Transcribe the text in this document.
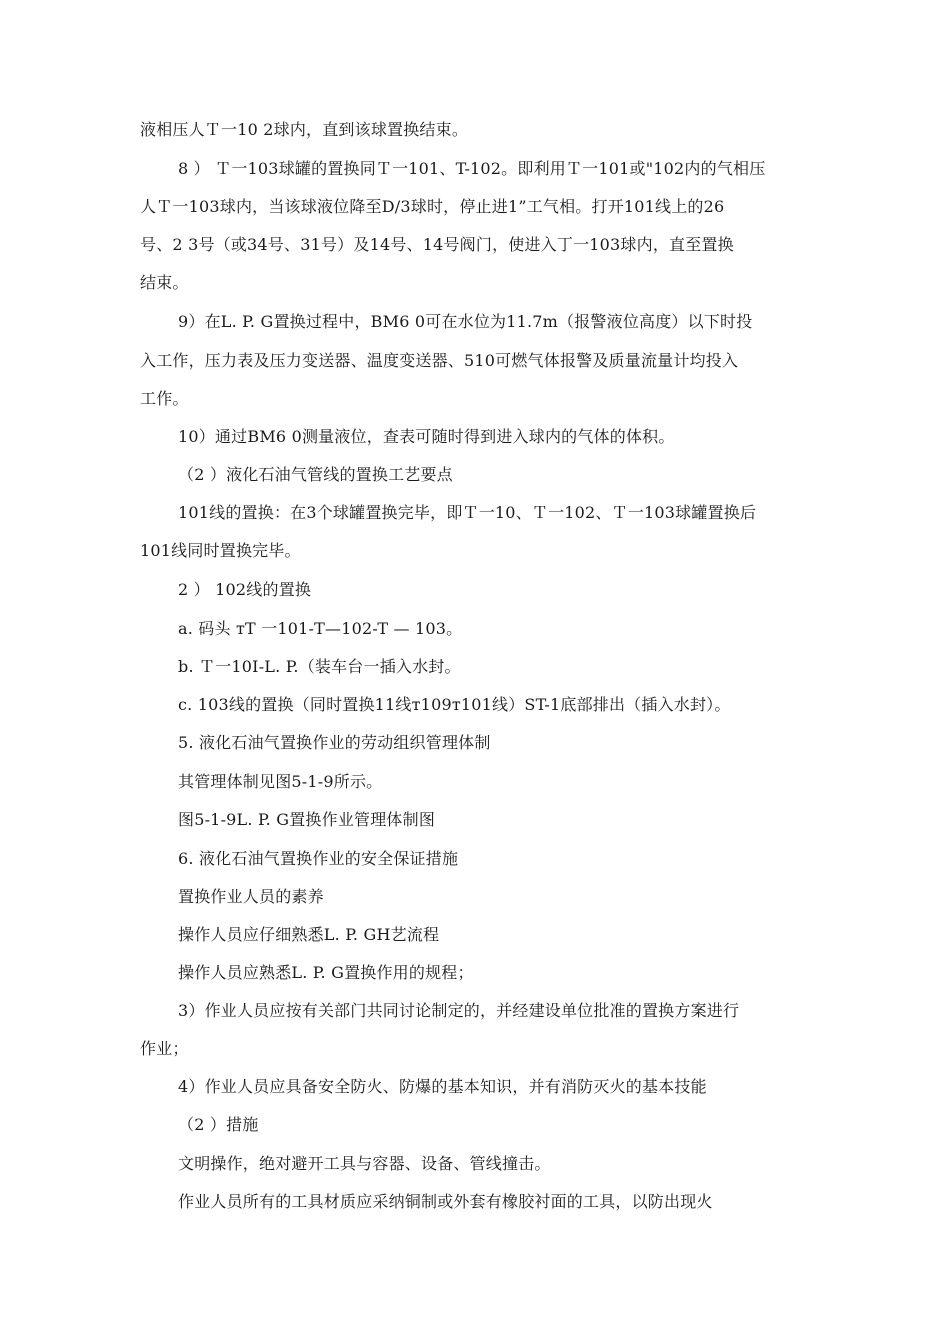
液相压人Ｔ一10 2球内，直到该球置换结束。
8 ） Ｔ一103球罐的置换同Ｔ一101、T-102。即利用Ｔ一101或"102内的气相压
人Ｔ一103球内，当该球液位降至D/3球时，停止进1”工气相。打开101线上的26
号、2 3号（或34号、31号）及14号、14号阀门，使进入丁一103球内，直至置换
结束。
9）在L. P. G置换过程中，BM6 0可在水位为11.7m（报警液位高度）以下时投
入工作，压力表及压力变送器、温度变送器、510可燃气体报警及质量流量计均投入
工作。
10）通过BM6 0测量液位，查表可随时得到进入球内的气体的体积。
（2 ）液化石油气管线的置换工艺要点
101线的置换：在3个球罐置换完毕，即Ｔ一10、Ｔ一102、Ｔ一103球罐置换后
101线同时置换完毕。
2 ） 102线的置换
a. 码头 тT 一101-T—102-T — 103。
b. Ｔ一10I-L. P.（装车台一插入水封。
c. 103线的置换（同时置换11线т109т101线）ST-1底部排出（插入水封）。
5. 液化石油气置换作业的劳动组织管理体制
其管理体制见图5-1-9所示。
图5-1-9L. P. G置换作业管理体制图
6. 液化石油气置换作业的安全保证措施
置换作业人员的素养
操作人员应仔细熟悉L. P. GH艺流程
操作人员应熟悉L. P. G置换作用的规程；
3）作业人员应按有关部门共同讨论制定的，并经建设单位批准的置换方案进行
作业；
4）作业人员应具备安全防火、防爆的基本知识，并有消防灭火的基本技能
（2 ）措施
文明操作，绝对避开工具与容器、设备、管线撞击。
作业人员所有的工具材质应采纳铜制或外套有橡胶衬面的工具，以防出现火
